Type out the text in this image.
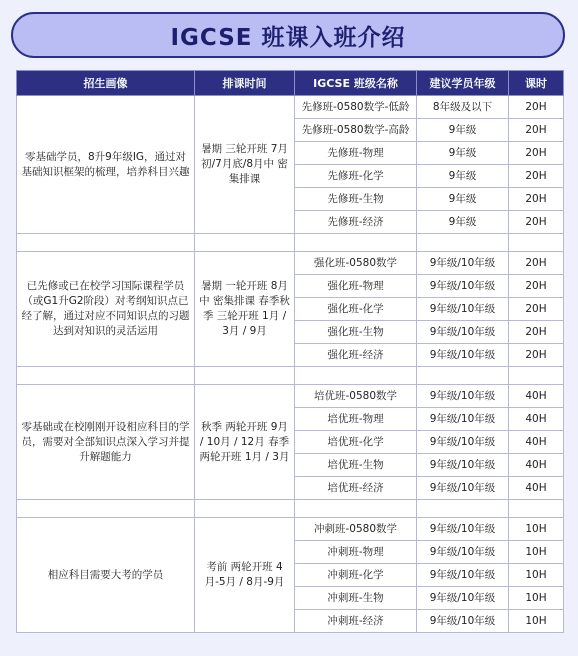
IGCSE 班课入班介绍
招生画像	排课时间	IGCSE 班级名称	建议学员年级	课时
零基础学员，8升9年级IG，通过对基础知识框架的梳理，培养科目兴趣	暑期 三轮开班 7月初/7月底/8月中 密集排课	先修班-0580数学-低龄	8年级及以下	20H
		先修班-0580数学-高龄	9年级	20H
		先修班-物理	9年级	20H
		先修班-化学	9年级	20H
		先修班-生物	9年级	20H
		先修班-经济	9年级	20H

已先修或已在校学习国际课程学员（或G1升G2阶段）对考纲知识点已经了解，通过对应不同知识点的习题达到对知识的灵活运用	暑期 一轮开班 8月中 密集排课 春季秋季 三轮开班 1月 / 3月 / 9月	强化班-0580数学	9年级/10年级	20H
		强化班-物理	9年级/10年级	20H
		强化班-化学	9年级/10年级	20H
		强化班-生物	9年级/10年级	20H
		强化班-经济	9年级/10年级	20H

零基础或在校刚刚开设相应科目的学员，需要对全部知识点深入学习并提升解题能力	秋季 两轮开班 9月 / 10月 / 12月 春季 两轮开班 1月 / 3月	培优班-0580数学	9年级/10年级	40H
		培优班-物理	9年级/10年级	40H
		培优班-化学	9年级/10年级	40H
		培优班-生物	9年级/10年级	40H
		培优班-经济	9年级/10年级	40H

相应科目需要大考的学员	考前 两轮开班 4月-5月 / 8月-9月	冲刺班-0580数学	9年级/10年级	10H
		冲刺班-物理	9年级/10年级	10H
		冲刺班-化学	9年级/10年级	10H
		冲刺班-生物	9年级/10年级	10H
		冲刺班-经济	9年级/10年级	10H
